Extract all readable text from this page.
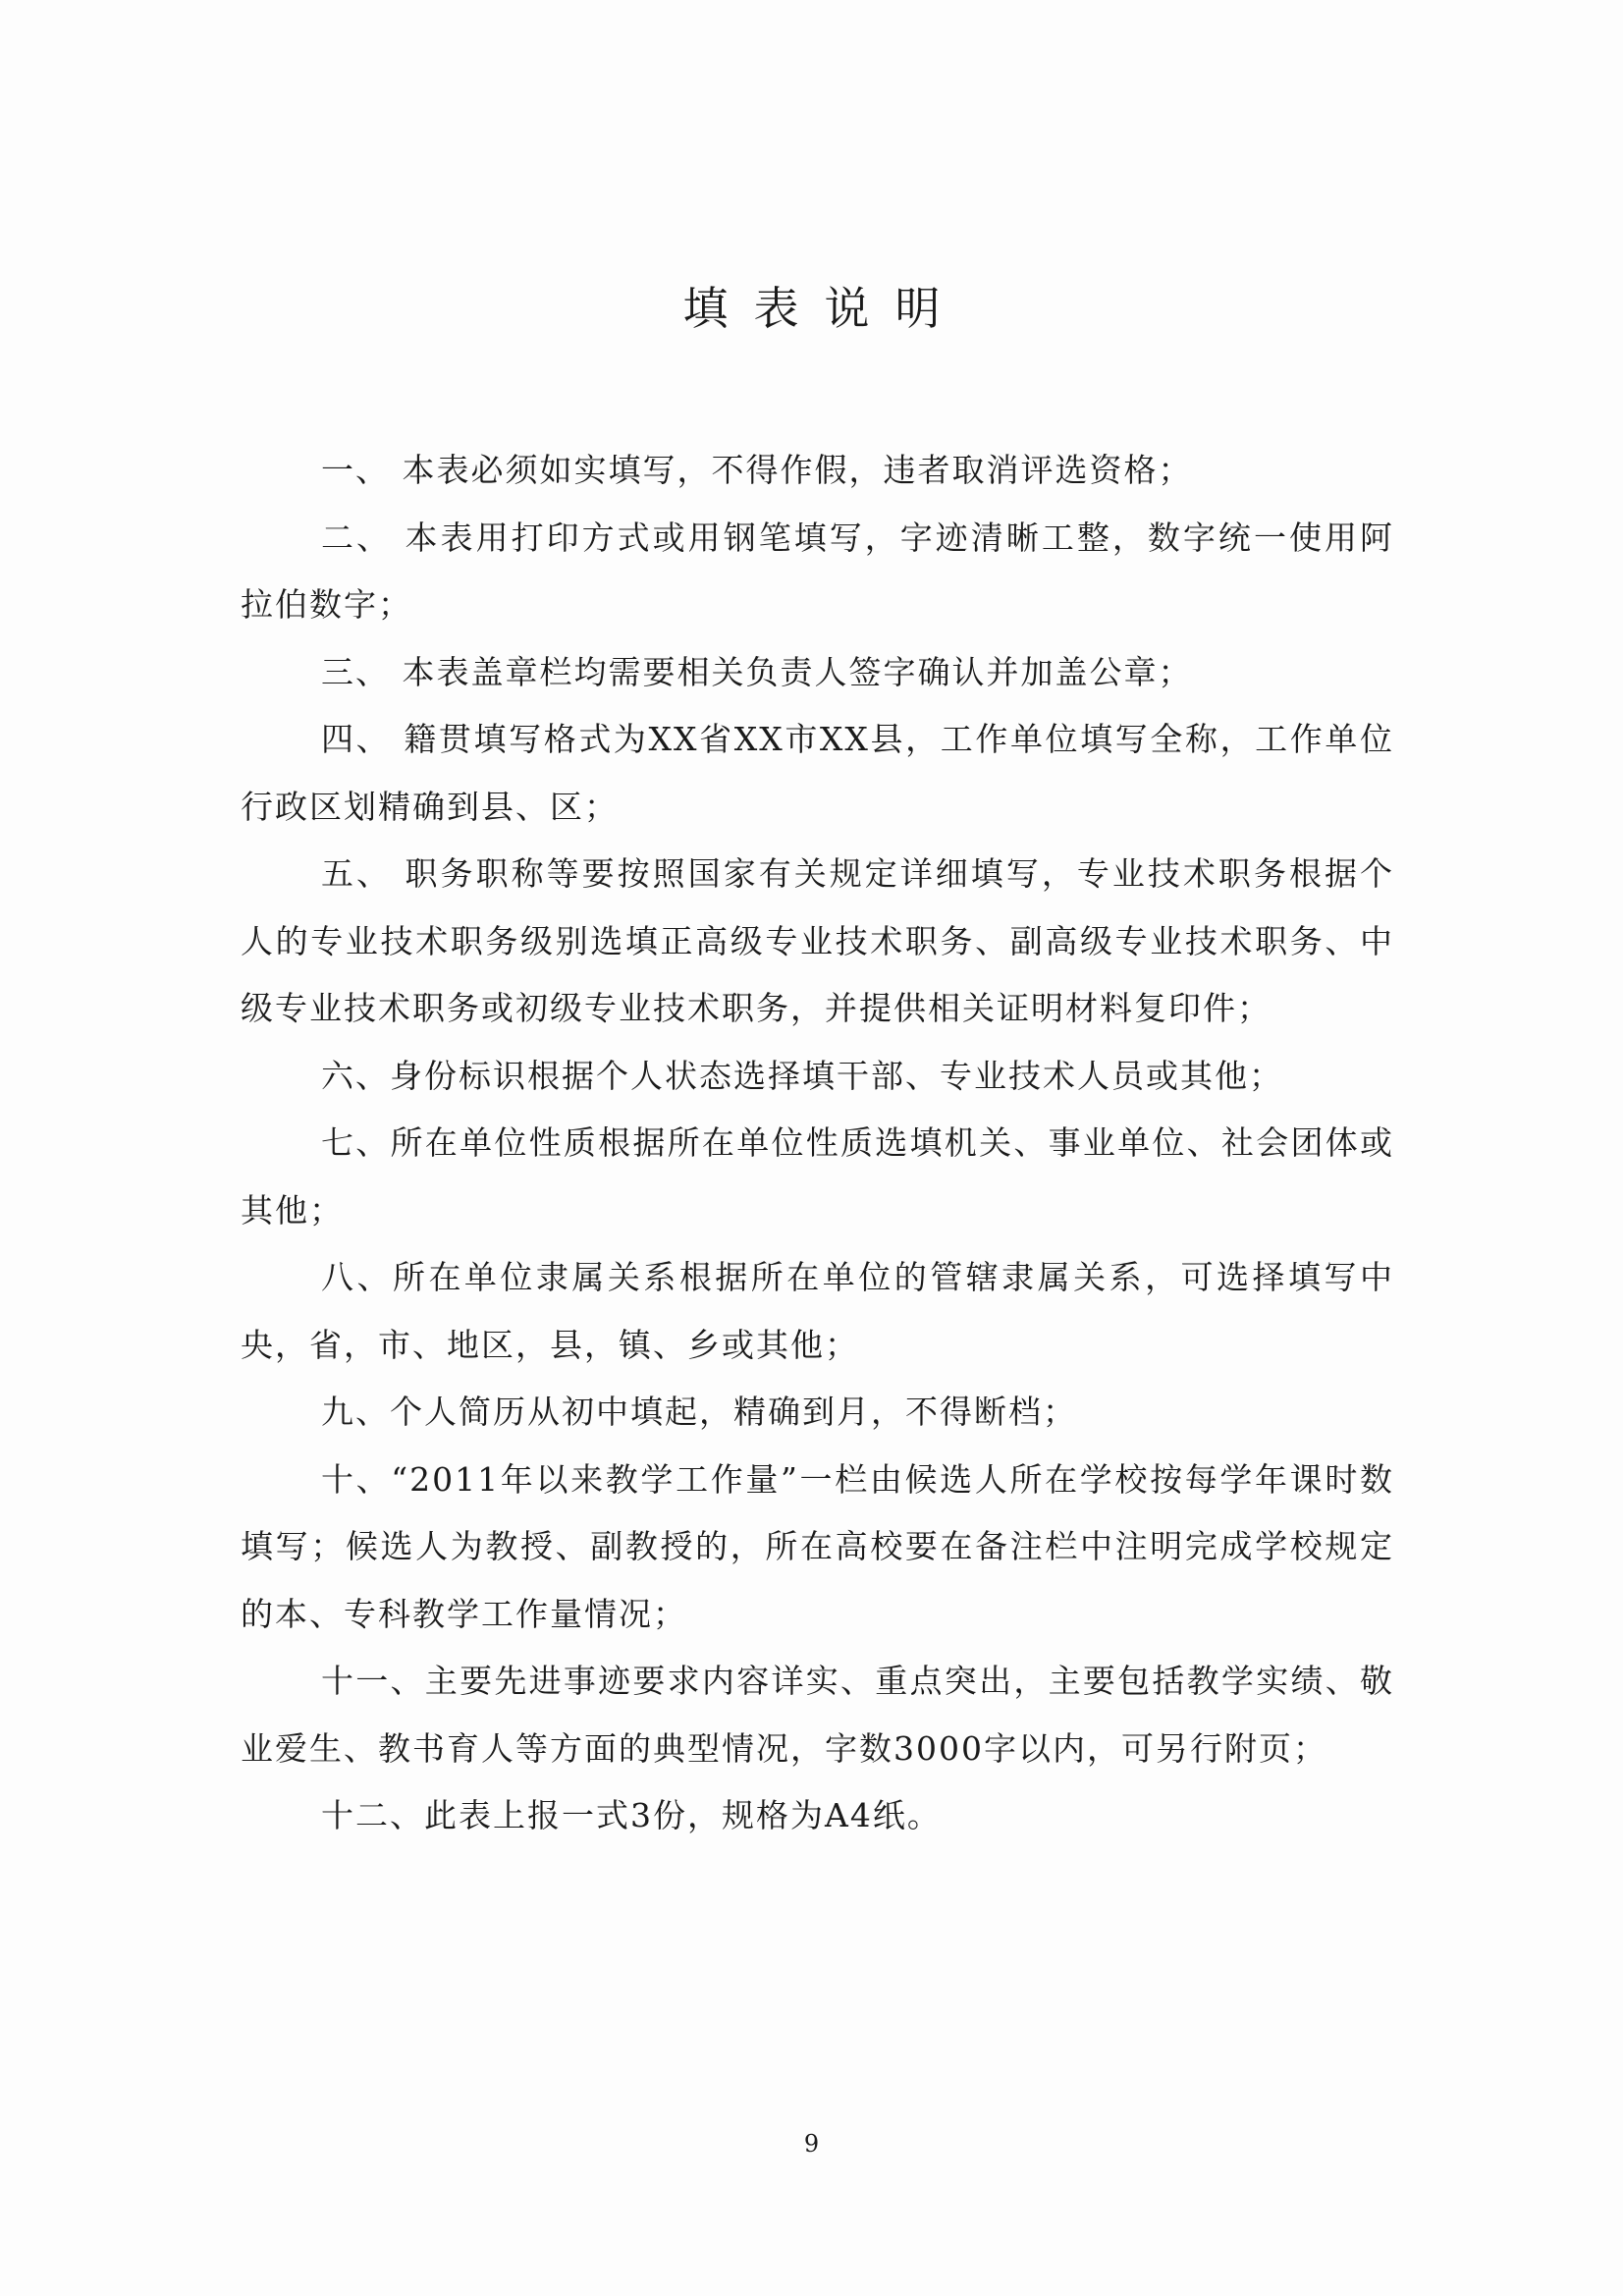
填表说明

一、 本表必须如实填写，不得作假，违者取消评选资格；

二、 本表用打印方式或用钢笔填写，字迹清晰工整，数字统一使用阿拉伯数字；

三、 本表盖章栏均需要相关负责人签字确认并加盖公章；

四、 籍贯填写格式为XX省XX市XX县，工作单位填写全称，工作单位行政区划精确到县、区；

五、 职务职称等要按照国家有关规定详细填写，专业技术职务根据个人的专业技术职务级别选填正高级专业技术职务、副高级专业技术职务、中级专业技术职务或初级专业技术职务，并提供相关证明材料复印件；

六、身份标识根据个人状态选择填干部、专业技术人员或其他；

七、所在单位性质根据所在单位性质选填机关、事业单位、社会团体或其他；

八、所在单位隶属关系根据所在单位的管辖隶属关系，可选择填写中央，省，市、地区，县，镇、乡或其他；

九、个人简历从初中填起，精确到月，不得断档；

十、“2011年以来教学工作量”一栏由候选人所在学校按每学年课时数填写；候选人为教授、副教授的，所在高校要在备注栏中注明完成学校规定的本、专科教学工作量情况；

十一、主要先进事迹要求内容详实、重点突出，主要包括教学实绩、敬业爱生、教书育人等方面的典型情况，字数3000字以内，可另行附页；

十二、此表上报一式3份，规格为A4纸。

9
